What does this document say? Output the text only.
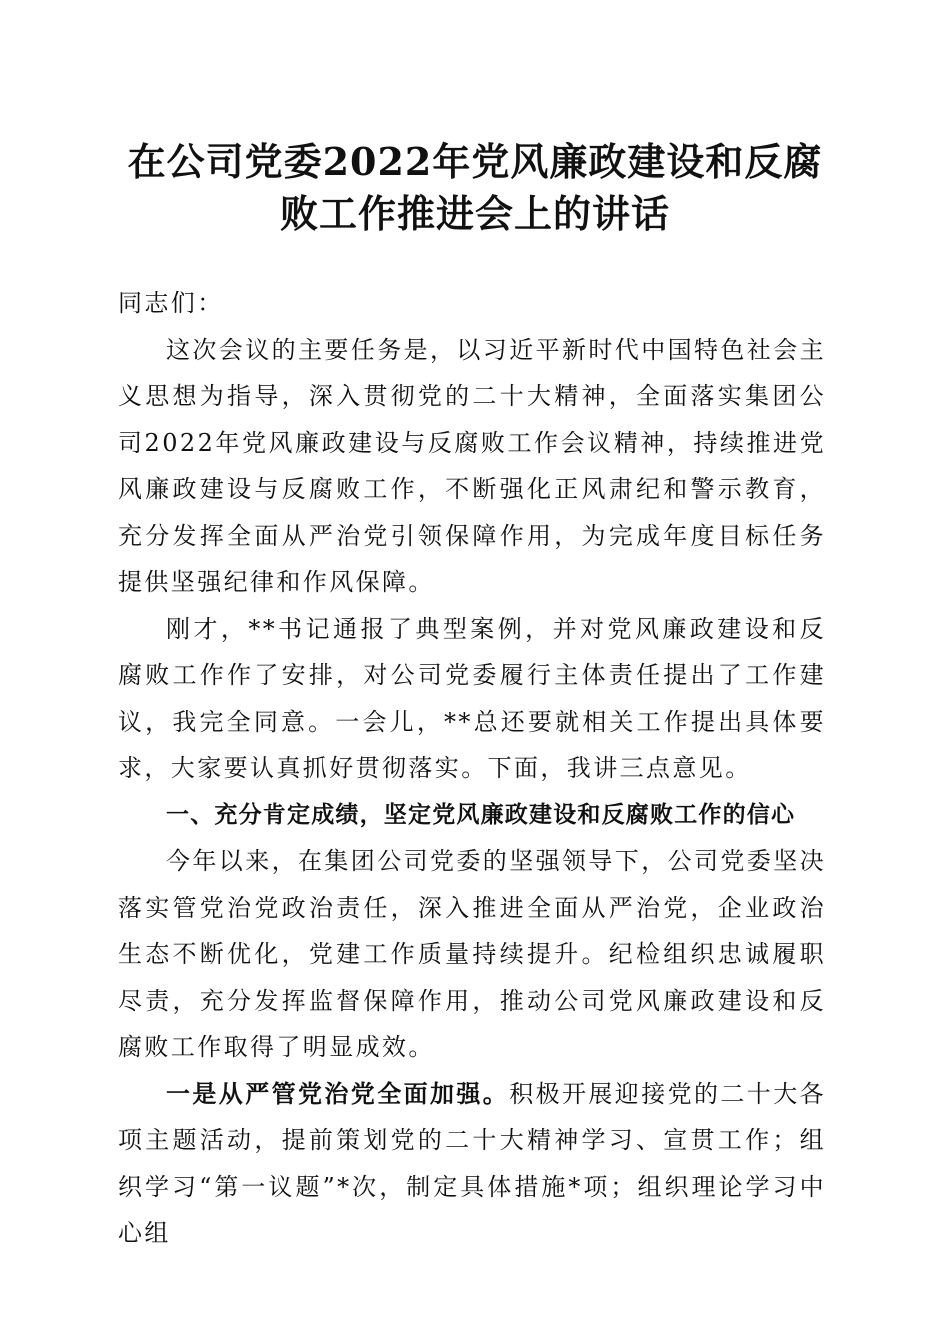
在公司党委2022年党风廉政建设和反腐败工作推进会上的讲话

同志们：

这次会议的主要任务是，以习近平新时代中国特色社会主义思想为指导，深入贯彻党的二十大精神，全面落实集团公司2022年党风廉政建设与反腐败工作会议精神，持续推进党风廉政建设与反腐败工作，不断强化正风肃纪和警示教育，充分发挥全面从严治党引领保障作用，为完成年度目标任务提供坚强纪律和作风保障。

刚才，**书记通报了典型案例，并对党风廉政建设和反腐败工作作了安排，对公司党委履行主体责任提出了工作建议，我完全同意。一会儿，**总还要就相关工作提出具体要求，大家要认真抓好贯彻落实。下面，我讲三点意见。

一、充分肯定成绩，坚定党风廉政建设和反腐败工作的信心

今年以来，在集团公司党委的坚强领导下，公司党委坚决落实管党治党政治责任，深入推进全面从严治党，企业政治生态不断优化，党建工作质量持续提升。纪检组织忠诚履职尽责，充分发挥监督保障作用，推动公司党风廉政建设和反腐败工作取得了明显成效。

一是从严管党治党全面加强。积极开展迎接党的二十大各项主题活动，提前策划党的二十大精神学习、宣贯工作；组织学习“第一议题”*次，制定具体措施*项；组织理论学习中心组
